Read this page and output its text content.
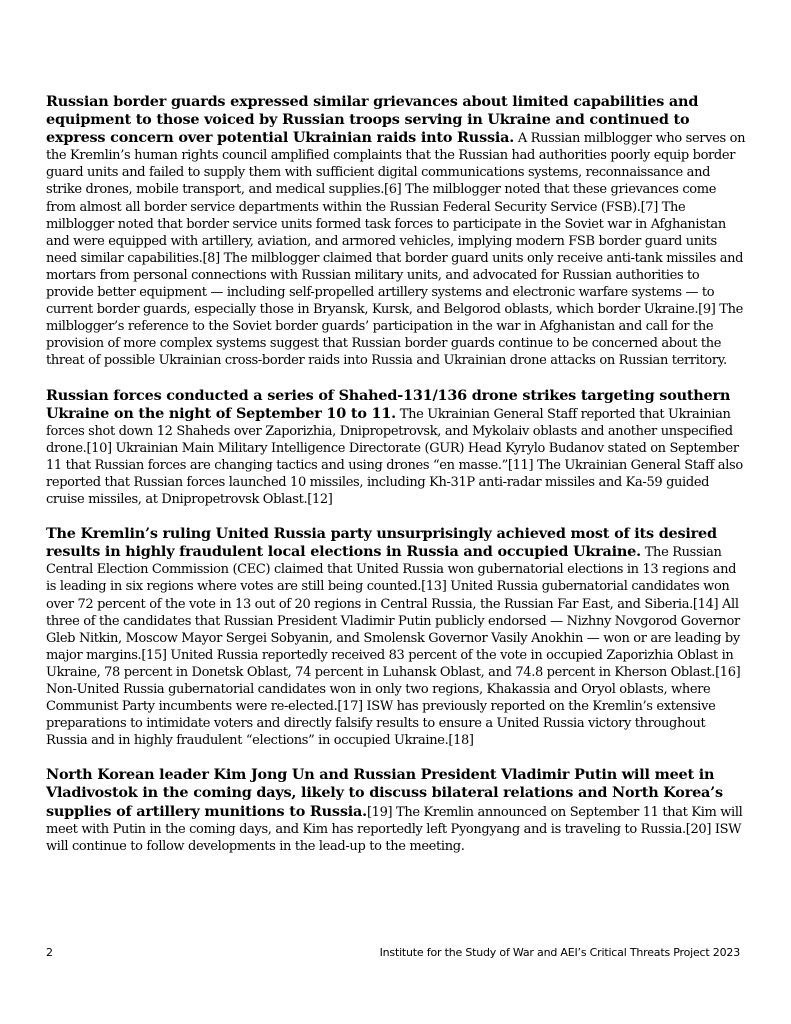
Russian border guards expressed similar grievances about limited capabilities and equipment to those voiced by Russian troops serving in Ukraine and continued to express concern over potential Ukrainian raids into Russia. A Russian milblogger who serves on the Kremlin’s human rights council amplified complaints that the Russian had authorities poorly equip border guard units and failed to supply them with sufficient digital communications systems, reconnaissance and strike drones, mobile transport, and medical supplies.[6] The milblogger noted that these grievances come from almost all border service departments within the Russian Federal Security Service (FSB).[7] The milblogger noted that border service units formed task forces to participate in the Soviet war in Afghanistan and were equipped with artillery, aviation, and armored vehicles, implying modern FSB border guard units need similar capabilities.[8] The milblogger claimed that border guard units only receive anti-tank missiles and mortars from personal connections with Russian military units, and advocated for Russian authorities to provide better equipment — including self-propelled artillery systems and electronic warfare systems — to current border guards, especially those in Bryansk, Kursk, and Belgorod oblasts, which border Ukraine.[9] The milblogger’s reference to the Soviet border guards’ participation in the war in Afghanistan and call for the provision of more complex systems suggest that Russian border guards continue to be concerned about the threat of possible Ukrainian cross-border raids into Russia and Ukrainian drone attacks on Russian territory.

Russian forces conducted a series of Shahed-131/136 drone strikes targeting southern Ukraine on the night of September 10 to 11. The Ukrainian General Staff reported that Ukrainian forces shot down 12 Shaheds over Zaporizhia, Dnipropetrovsk, and Mykolaiv oblasts and another unspecified drone.[10] Ukrainian Main Military Intelligence Directorate (GUR) Head Kyrylo Budanov stated on September 11 that Russian forces are changing tactics and using drones “en masse.”[11] The Ukrainian General Staff also reported that Russian forces launched 10 missiles, including Kh-31P anti-radar missiles and Ka-59 guided cruise missiles, at Dnipropetrovsk Oblast.[12]

The Kremlin’s ruling United Russia party unsurprisingly achieved most of its desired results in highly fraudulent local elections in Russia and occupied Ukraine. The Russian Central Election Commission (CEC) claimed that United Russia won gubernatorial elections in 13 regions and is leading in six regions where votes are still being counted.[13] United Russia gubernatorial candidates won over 72 percent of the vote in 13 out of 20 regions in Central Russia, the Russian Far East, and Siberia.[14] All three of the candidates that Russian President Vladimir Putin publicly endorsed — Nizhny Novgorod Governor Gleb Nitkin, Moscow Mayor Sergei Sobyanin, and Smolensk Governor Vasily Anokhin — won or are leading by major margins.[15] United Russia reportedly received 83 percent of the vote in occupied Zaporizhia Oblast in Ukraine, 78 percent in Donetsk Oblast, 74 percent in Luhansk Oblast, and 74.8 percent in Kherson Oblast.[16] Non-United Russia gubernatorial candidates won in only two regions, Khakassia and Oryol oblasts, where Communist Party incumbents were re-elected.[17] ISW has previously reported on the Kremlin’s extensive preparations to intimidate voters and directly falsify results to ensure a United Russia victory throughout Russia and in highly fraudulent “elections” in occupied Ukraine.[18]

North Korean leader Kim Jong Un and Russian President Vladimir Putin will meet in Vladivostok in the coming days, likely to discuss bilateral relations and North Korea’s supplies of artillery munitions to Russia.[19] The Kremlin announced on September 11 that Kim will meet with Putin in the coming days, and Kim has reportedly left Pyongyang and is traveling to Russia.[20] ISW will continue to follow developments in the lead-up to the meeting.

2	Institute for the Study of War and AEI’s Critical Threats Project 2023
